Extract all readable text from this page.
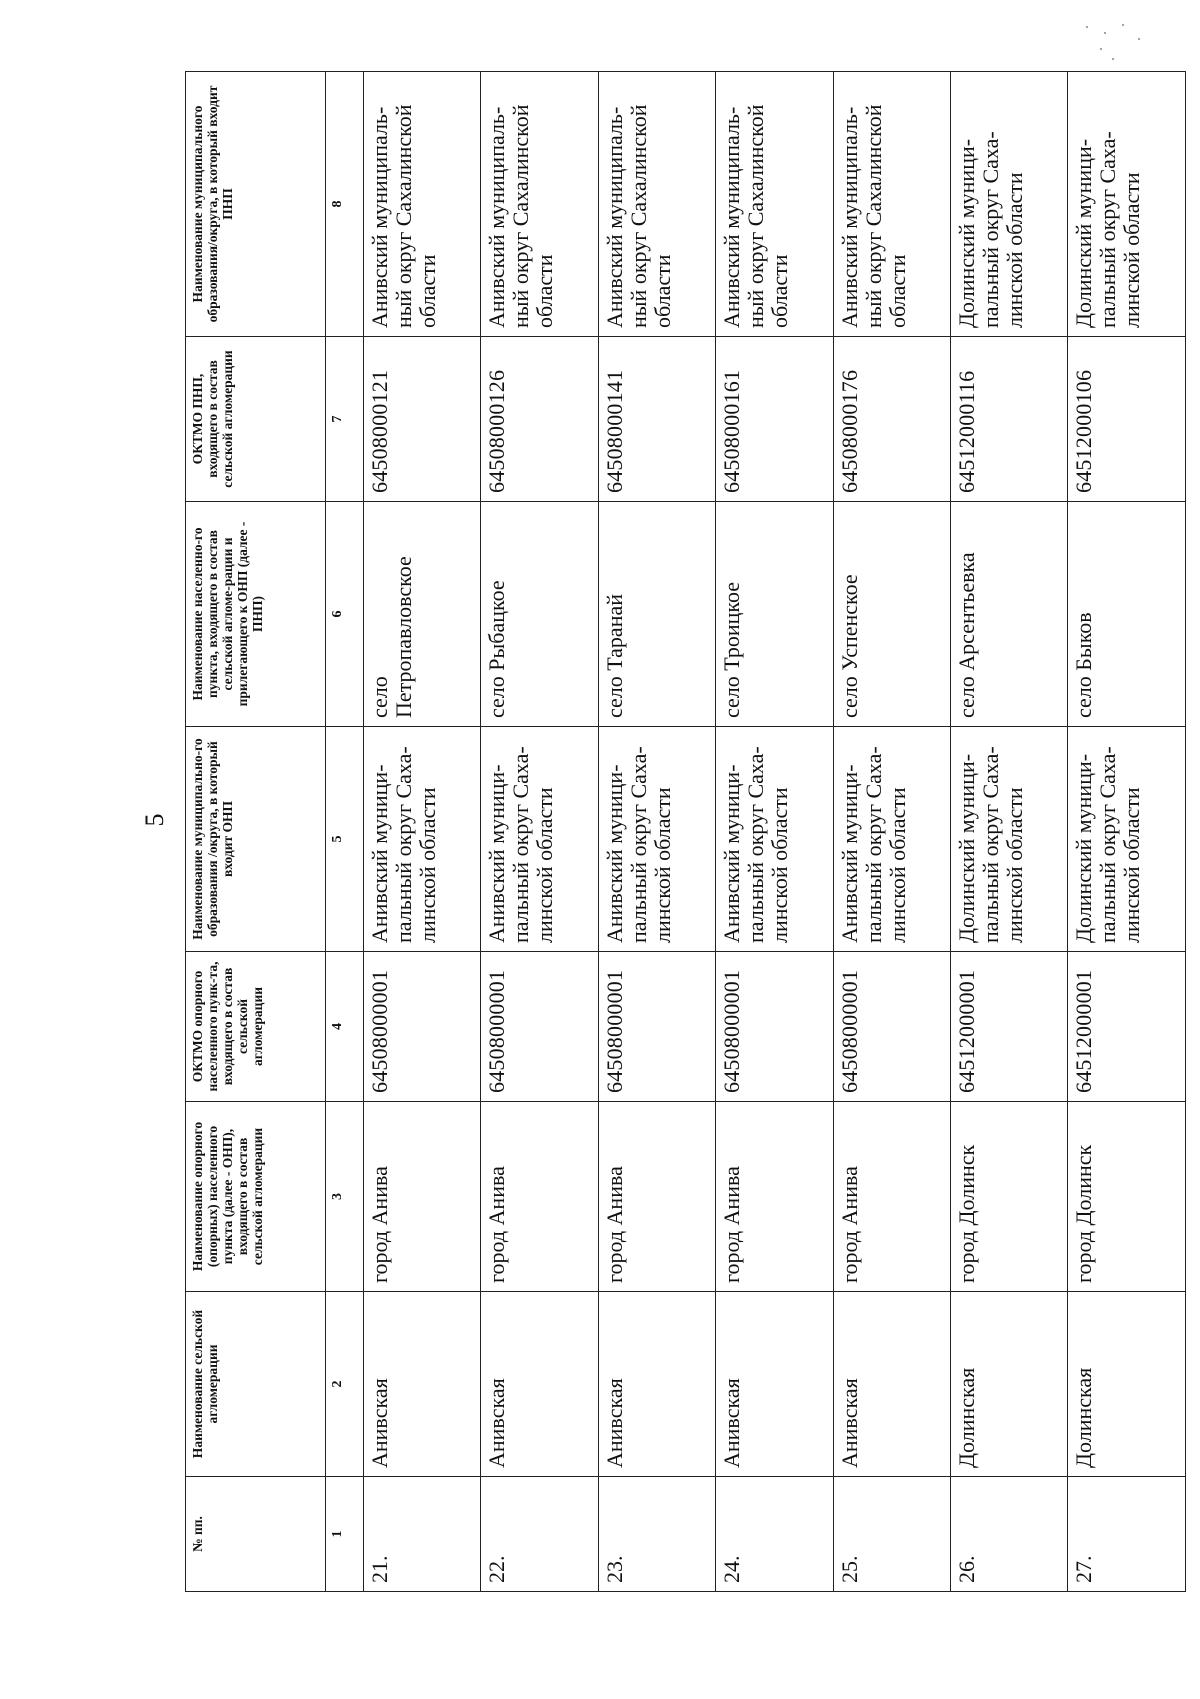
5
№ пп.	Наименование сельской агломерации	Наименование опорного (опорных) населенного пункта (далее - ОНП), входящего в состав сельской агломерации	ОКТМО опорного населенного пунк-та, входящего в состав сельской агломерации	Наименование муниципально-го образования /округа, в который входит ОНП	Наименование населенно-го пункта, входящего в состав сельской агломе-рации и прилегающего к ОНП (далее - ПНП)	ОКТМО ПНП, входящего в состав сельской агломерации	Наименование муниципального образования/округа, в который входит ПНП
1	2	3	4	5	6	7	8
21.	Анивская	город Анива	64508000001	Анивский муници-пальный округ Саха-линской области	село Петропавловское	64508000121	Анивский муниципаль-ный округ Сахалинской области
22.	Анивская	город Анива	64508000001	Анивский муници-пальный округ Саха-линской области	село Рыбацкое	64508000126	Анивский муниципаль-ный округ Сахалинской области
23.	Анивская	город Анива	64508000001	Анивский муници-пальный округ Саха-линской области	село Таранай	64508000141	Анивский муниципаль-ный округ Сахалинской области
24.	Анивская	город Анива	64508000001	Анивский муници-пальный округ Саха-линской области	село Троицкое	64508000161	Анивский муниципаль-ный округ Сахалинской области
25.	Анивская	город Анива	64508000001	Анивский муници-пальный округ Саха-линской области	село Успенское	64508000176	Анивский муниципаль-ный округ Сахалинской области
26.	Долинская	город Долинск	64512000001	Долинский муници-пальный округ Саха-линской области	село Арсентьевка	64512000116	Долинский муници-пальный округ Саха-линской области
27.	Долинская	город Долинск	64512000001	Долинский муници-пальный округ Саха-линской области	село Быков	64512000106	Долинский муници-пальный округ Саха-линской области
